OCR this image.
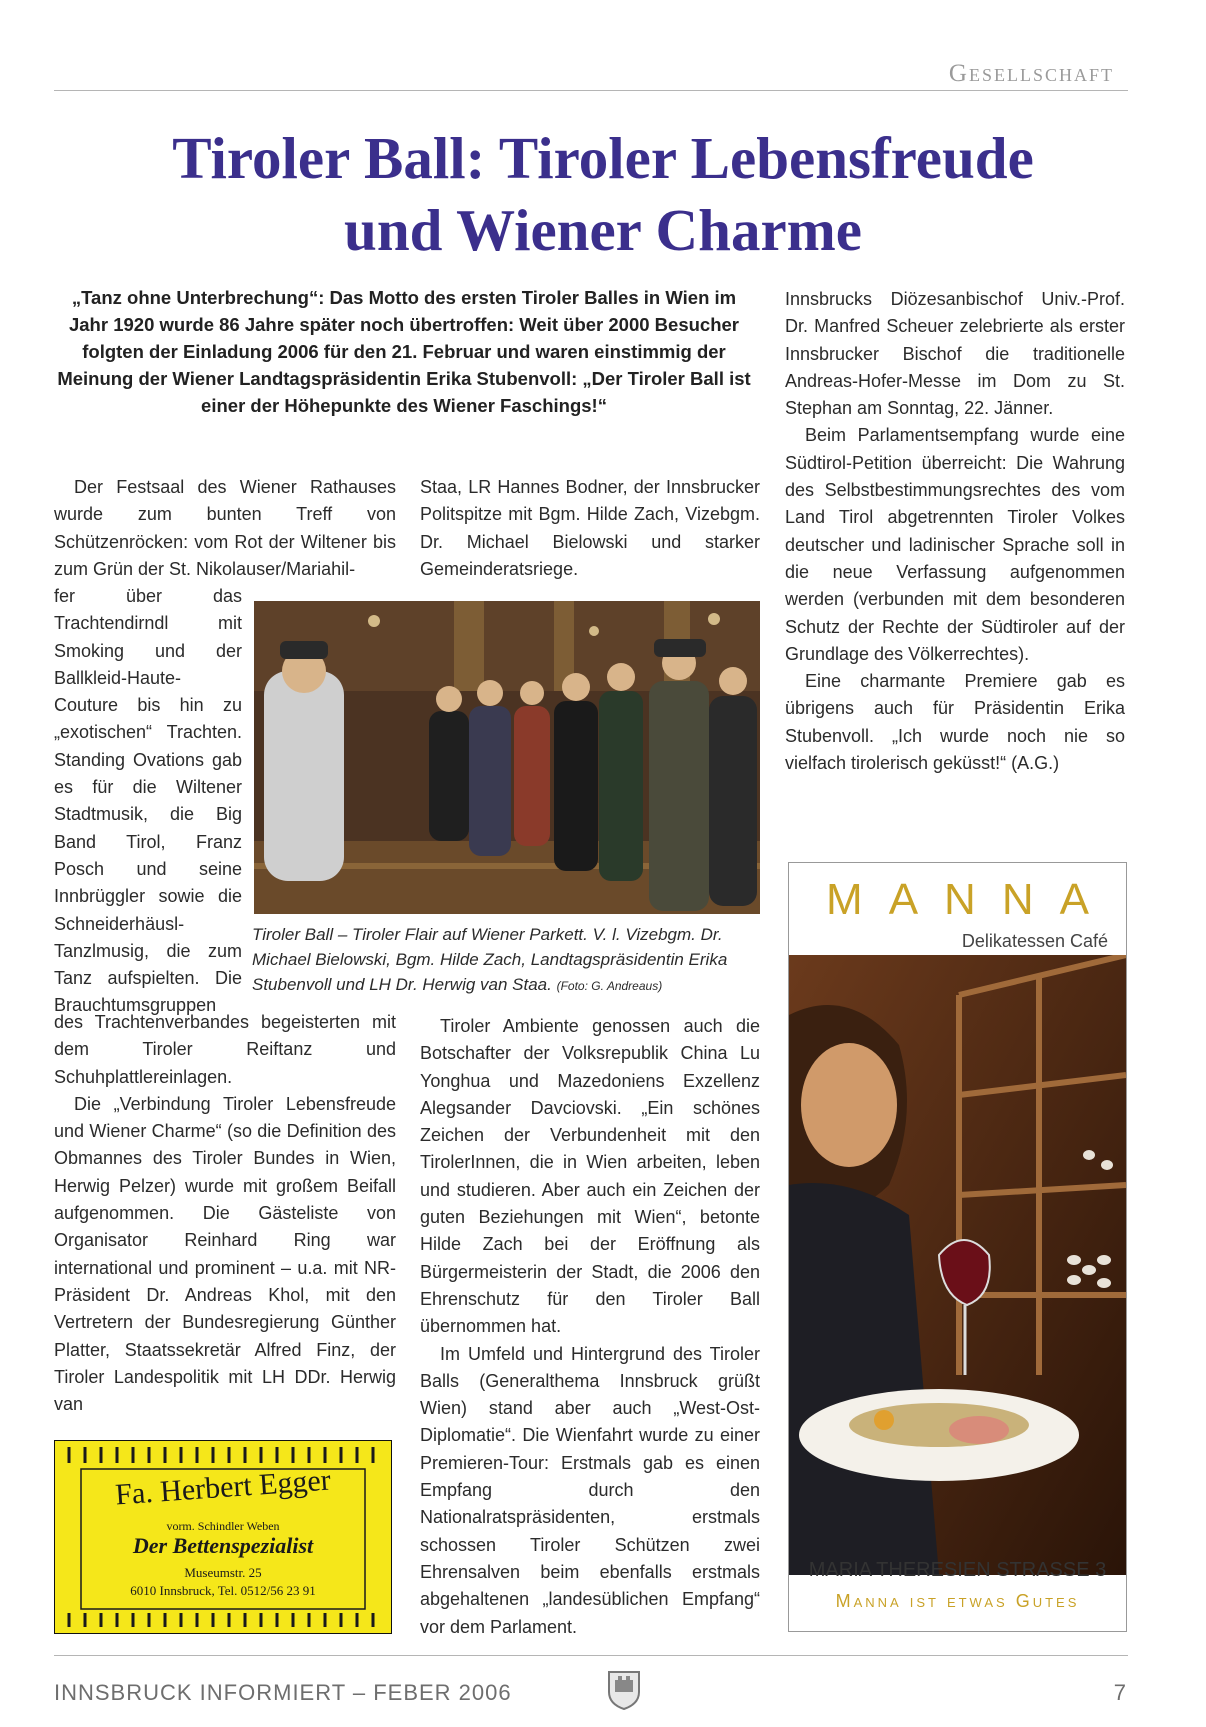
Gesellschaft
Tiroler Ball: Tiroler Lebensfreude
und Wiener Charme
„Tanz ohne Unterbrechung“: Das Motto des ersten Tiroler Balles in Wien im Jahr 1920 wurde 86 Jahre später noch übertroffen: Weit über 2000 Besucher folgten der Einladung 2006 für den 21. Februar und waren einstimmig der Meinung der Wiener Landtagspräsidentin Erika Stubenvoll: „Der Tiroler Ball ist einer der Höhepunkte des Wiener Faschings!“

Der Festsaal des Wiener Rathauses wurde zum bunten Treff von Schützenröcken: vom Rot der Wiltener bis zum Grün der St. Nikolauser/Mariahil-

fer über das Trachtendirndl mit Smoking und der Ballkleid-Haute-Couture bis hin zu „exotischen“ Trachten. Standing Ovations gab es für die Wiltener Stadtmusik, die Big Band Tirol, Franz Posch und seine Innbrüggler sowie die Schneiderhäusl-Tanzlmusig, die zum Tanz aufspielten. Die Brauchtumsgruppen

des Trachtenverbandes begeisterten mit dem Tiroler Reiftanz und Schuhplattlereinlagen.

Die „Verbindung Tiroler Lebensfreude und Wiener Charme“ (so die Definition des Obmannes des Tiroler Bundes in Wien, Herwig Pelzer) wurde mit großem Beifall aufgenommen. Die Gästeliste von Organisator Reinhard Ring war international und prominent – u.a. mit NR-Präsident Dr. Andreas Khol, mit den Vertretern der Bundesregierung Günther Platter, Staatssekretär Alfred Finz, der Tiroler Landespolitik mit LH DDr. Herwig van

Staa, LR Hannes Bodner, der Innsbrucker Politspitze mit Bgm. Hilde Zach, Vizebgm. Dr. Michael Bielowski und starker Gemeinderatsriege.

Tiroler Ambiente genossen auch die Botschafter der Volksrepublik China Lu Yonghua und Mazedoniens Exzellenz Alegsander Davciovski. „Ein schönes Zeichen der Verbundenheit mit den TirolerInnen, die in Wien arbeiten, leben und studieren. Aber auch ein Zeichen der guten Beziehungen mit Wien“, betonte Hilde Zach bei der Eröffnung als Bürgermeisterin der Stadt, die 2006 den Ehrenschutz für den Tiroler Ball übernommen hat.

Im Umfeld und Hintergrund des Tiroler Balls (Generalthema Innsbruck grüßt Wien) stand aber auch „West-Ost-Diplomatie“. Die Wienfahrt wurde zu einer Premieren-Tour: Erstmals gab es einen Empfang durch den Nationalratspräsidenten, erstmals schossen Tiroler Schützen zwei Ehrensalven beim ebenfalls erstmals abgehaltenen „landesüblichen Empfang“ vor dem Parlament.

Innsbrucks Diözesanbischof Univ.-Prof. Dr. Manfred Scheuer zelebrierte als erster Innsbrucker Bischof die traditionelle Andreas-Hofer-Messe im Dom zu St. Stephan am Sonntag, 22. Jänner.

Beim Parlamentsempfang wurde eine Südtirol-Petition überreicht: Die Wahrung des Selbstbestimmungsrechtes des vom Land Tirol abgetrennten Tiroler Volkes deutscher und ladinischer Sprache soll in die neue Verfassung aufgenommen werden (verbunden mit dem besonderen Schutz der Rechte der Südtiroler auf der Grundlage des Völkerrechtes).

Eine charmante Premiere gab es übrigens auch für Präsidentin Erika Stubenvoll. „Ich wurde noch nie so vielfach tirolerisch geküsst!“ (A.G.)

Tiroler Ball – Tiroler Flair auf Wiener Parkett. V. l. Vizebgm. Dr. Michael Bielowski, Bgm. Hilde Zach, Landtagspräsidentin Erika Stubenvoll und LH Dr. Herwig van Staa. (Foto: G. Andreaus)
Fa. Herbert Egger
vorm. Schindler Weben
Der Bettenspezialist
Museumstr. 25
6010 Innsbruck, Tel. 0512/56 23 91
MANNA
Delikatessen Café
MARIA THERESIEN STRASSE 3
Manna ist etwas Gutes
INNSBRUCK INFORMIERT – FEBER 2006	7
